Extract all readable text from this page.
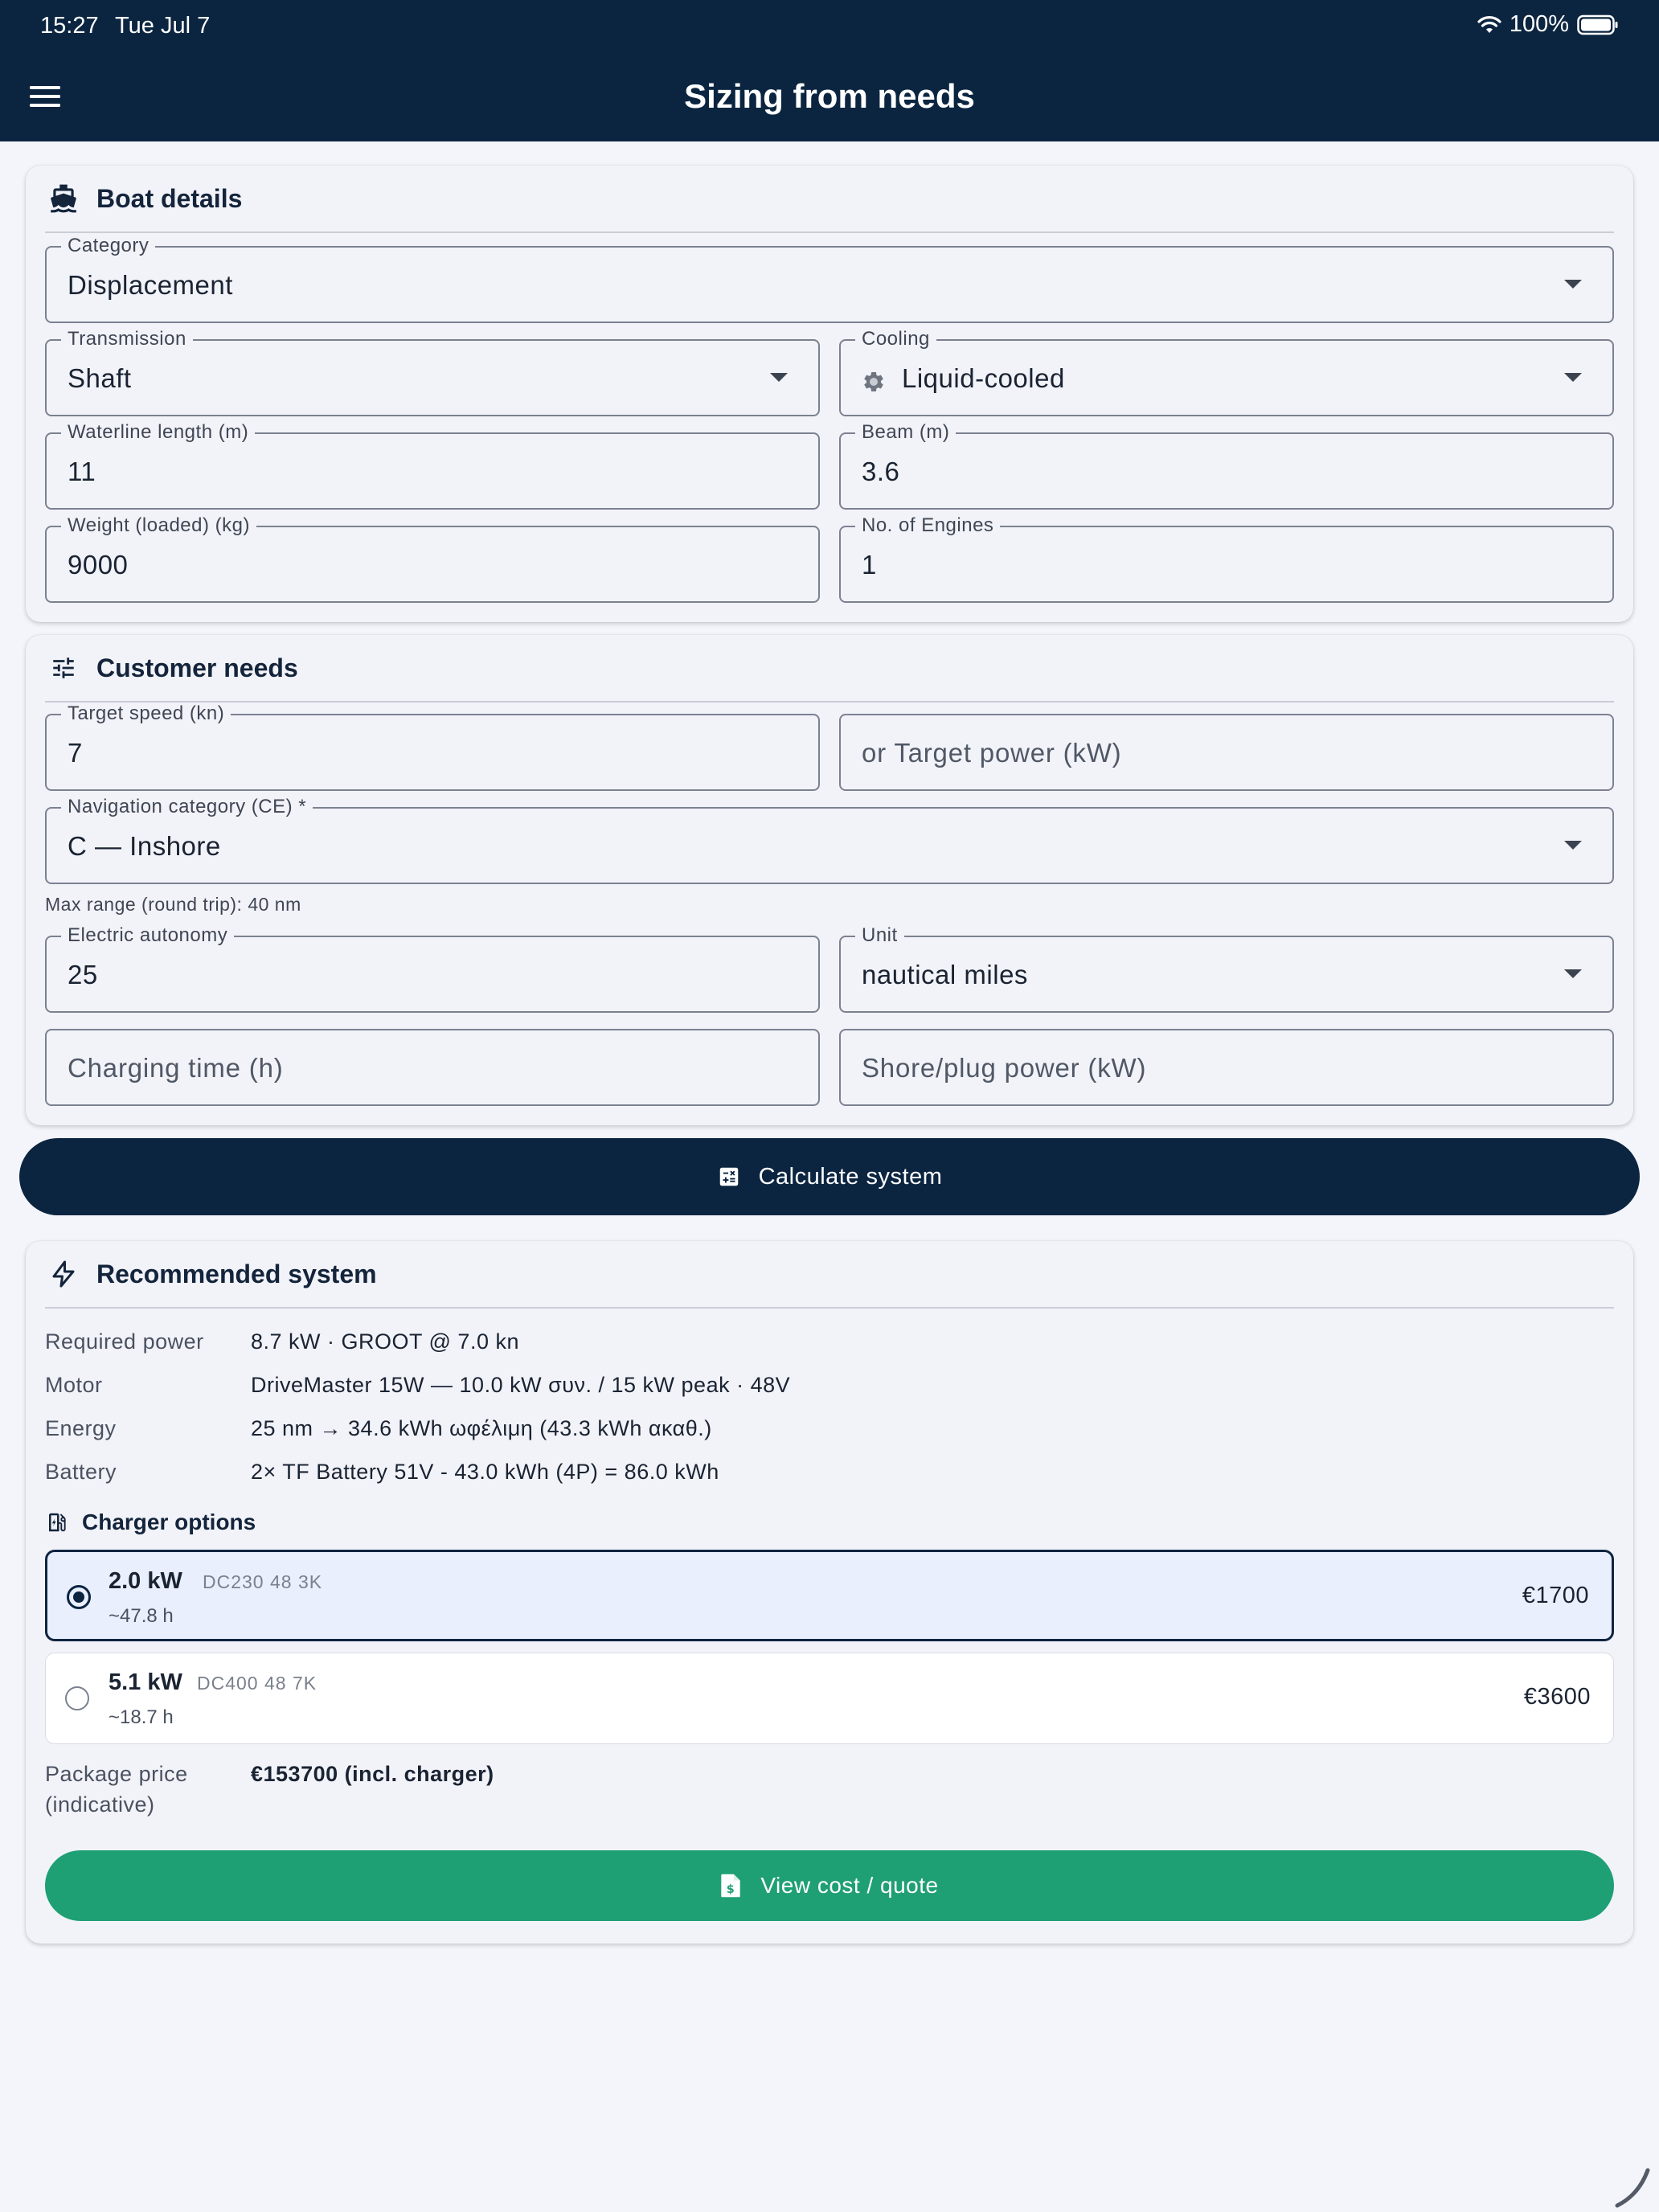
15:27 Tue Jul 7	100%
Sizing from needs
Boat details
Category
Displacement
Transmission
Shaft
Cooling
Liquid-cooled
Waterline length (m)
11
Beam (m)
3.6
Weight (loaded) (kg)
9000
No. of Engines
1
Customer needs
Target speed (kn)
7	or Target power (kW)
Navigation category (CE) *
C — Inshore
Max range (round trip): 40 nm
Electric autonomy
25
Unit
nautical miles
Charging time (h)	Shore/plug power (kW)
Calculate system
Recommended system
Required power 8.7 kW · GROOT @ 7.0 kn
Motor	DriveMaster 15W — 10.0 kW συν. / 15 kW peak · 48V
Energy	25 nm → 34.6 kWh ωφέλιμη (43.3 kWh ακαθ.)
Battery	2× TF Battery 51V - 43.0 kWh (4P) = 86.0 kWh
Charger options
2.0 kW DC230 48 3K
~47.8 h
€1700
5.1 kW DC400 48 7K
~18.7 h
€3600
Package price
(indicative)
€153700 (incl. charger)
$ View cost / quote
